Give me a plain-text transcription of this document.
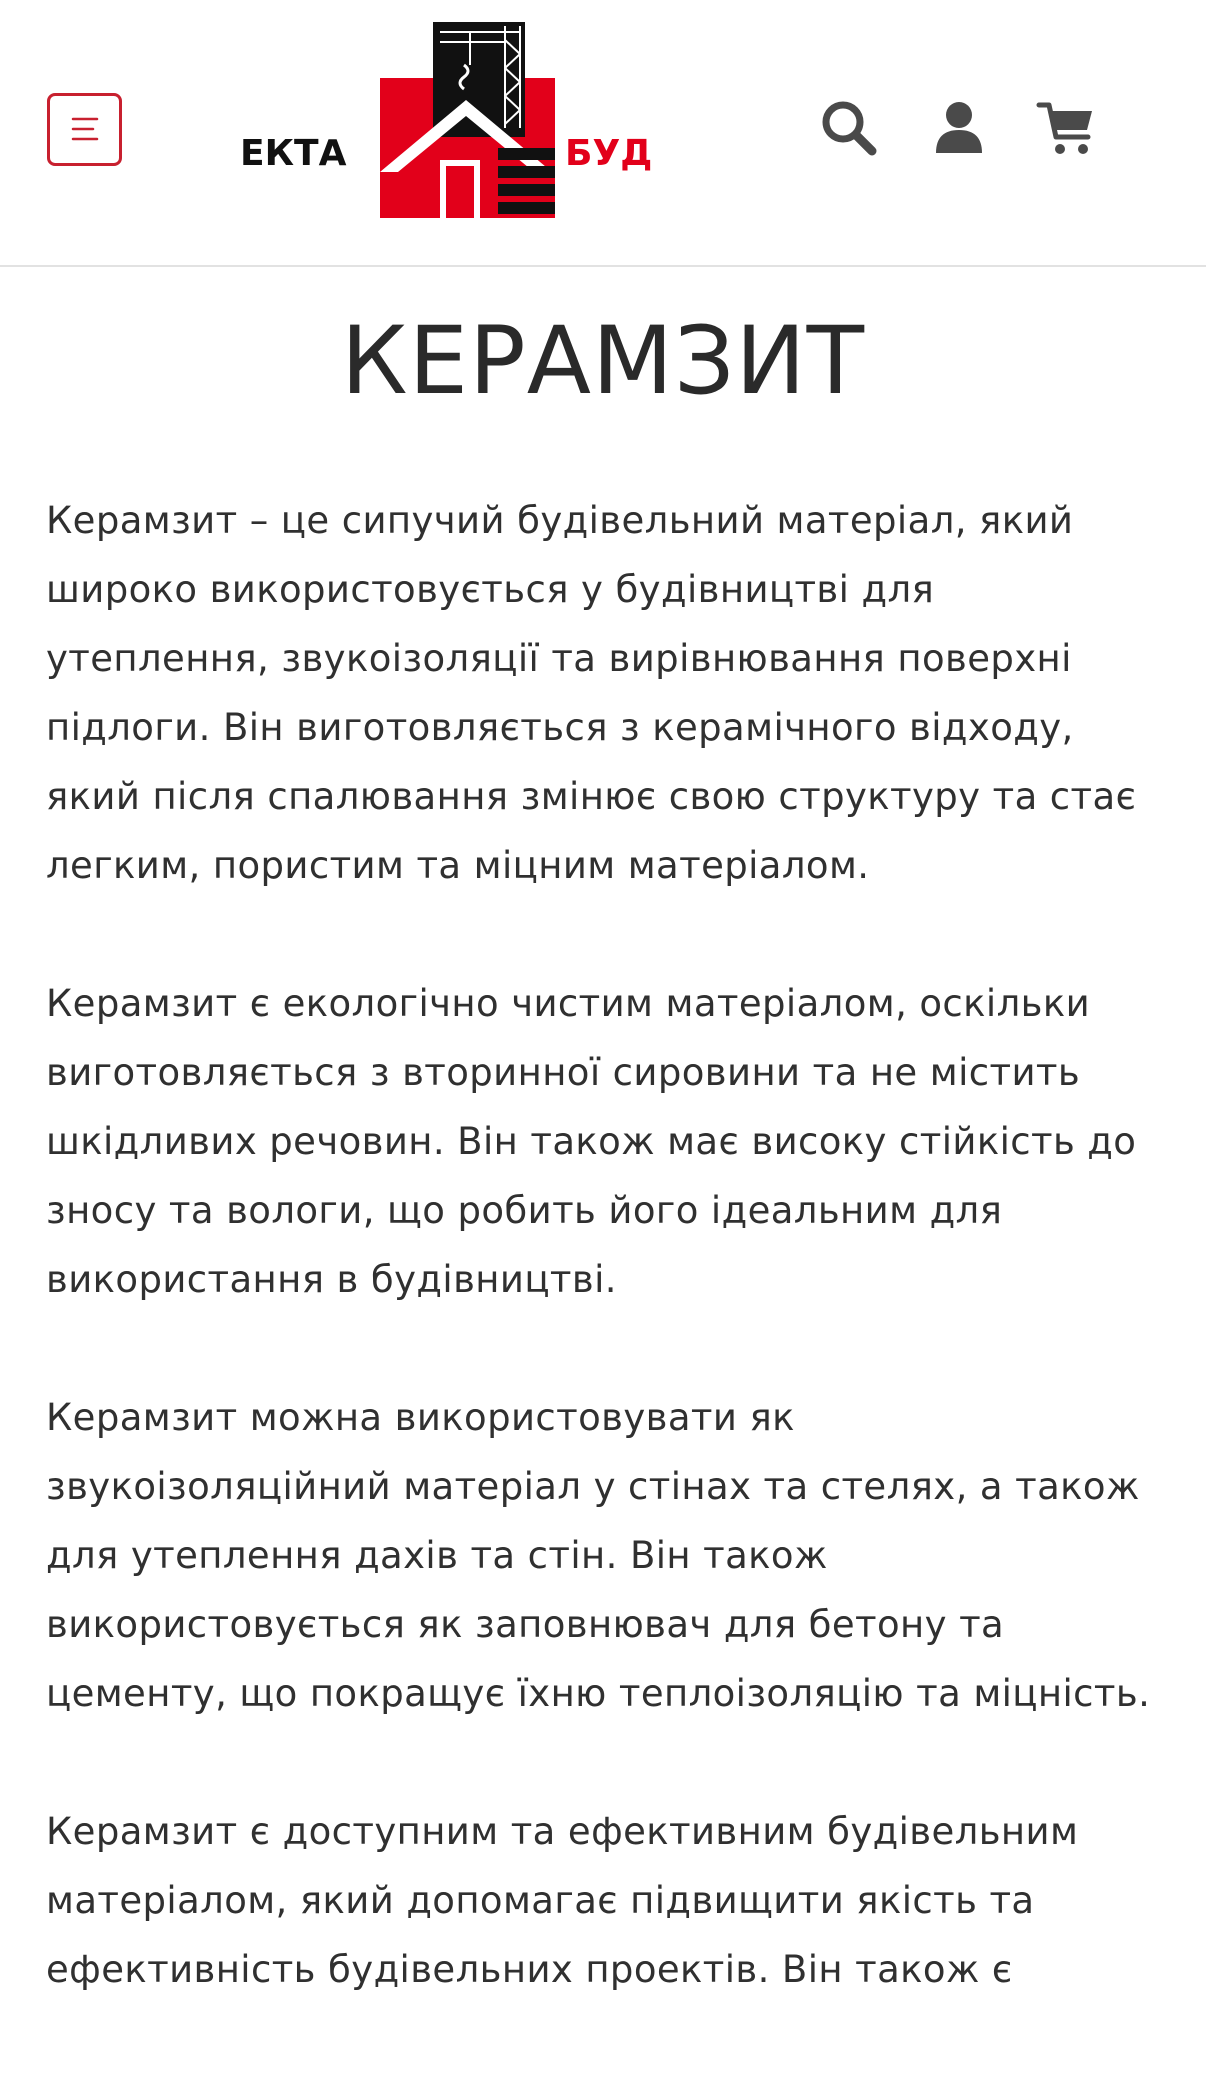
ЕКТА	БУД
КЕРАМЗИТ

Керамзит – це сипучий будівельний матеріал, який
широко використовується у будівництві для
утеплення, звукоізоляції та вирівнювання поверхні
підлоги. Він виготовляється з керамічного відходу,
який після спалювання змінює свою структуру та стає
легким, пористим та міцним матеріалом.

Керамзит є екологічно чистим матеріалом, оскільки
виготовляється з вторинної сировини та не містить
шкідливих речовин. Він також має високу стійкість до
зносу та вологи, що робить його ідеальним для
використання в будівництві.

Керамзит можна використовувати як
звукоізоляційний матеріал у стінах та стелях, а також
для утеплення дахів та стін. Він також
використовується як заповнювач для бетону та
цементу, що покращує їхню теплоізоляцію та міцність.

Керамзит є доступним та ефективним будівельним
матеріалом, який допомагає підвищити якість та
ефективність будівельних проектів. Він також є
